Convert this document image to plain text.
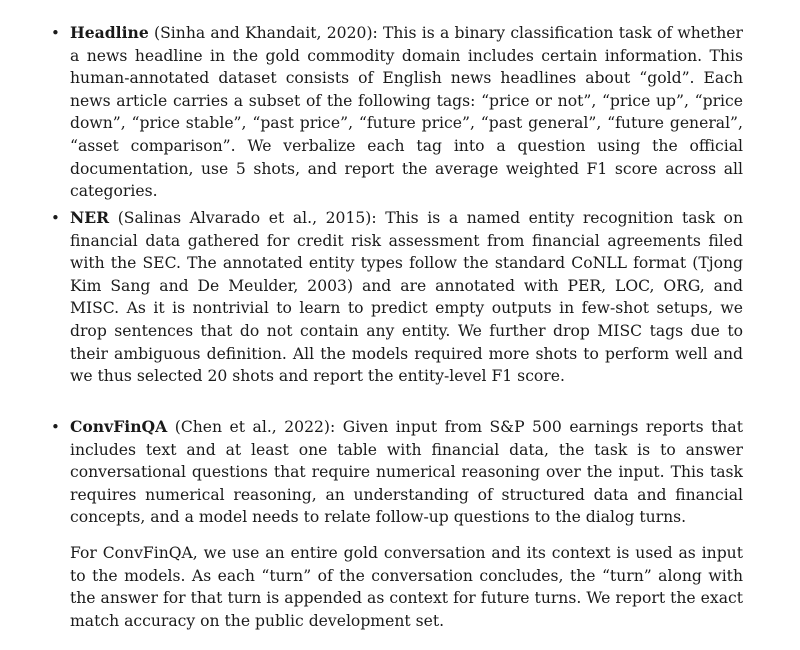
• Headline (Sinha and Khandait, 2020): This is a binary classification task of whether a news headline in the gold commodity domain includes certain information. This human-annotated dataset consists of English news headlines about “gold”. Each news article carries a subset of the following tags: “price or not”, “price up”, “price down”, “price stable”, “past price”, “future price”, “past general”, “future general”, “asset comparison”. We verbalize each tag into a question using the official documentation, use 5 shots, and report the average weighted F1 score across all categories.
• NER (Salinas Alvarado et al., 2015): This is a named entity recognition task on financial data gathered for credit risk assessment from financial agreements filed with the SEC. The annotated entity types follow the standard CoNLL format (Tjong Kim Sang and De Meulder, 2003) and are annotated with PER, LOC, ORG, and MISC. As it is nontrivial to learn to predict empty outputs in few-shot setups, we drop sentences that do not contain any entity. We further drop MISC tags due to their ambiguous definition. All the models required more shots to perform well and we thus selected 20 shots and report the entity-level F1 score.
• ConvFinQA (Chen et al., 2022): Given input from S&P 500 earnings reports that includes text and at least one table with financial data, the task is to answer conversational questions that require numerical reasoning over the input. This task requires numerical reasoning, an understanding of structured data and financial concepts, and a model needs to relate follow-up questions to the dialog turns.
For ConvFinQA, we use an entire gold conversation and its context is used as input to the models. As each “turn” of the conversation concludes, the “turn” along with the answer for that turn is appended as context for future turns. We report the exact match accuracy on the public development set.
